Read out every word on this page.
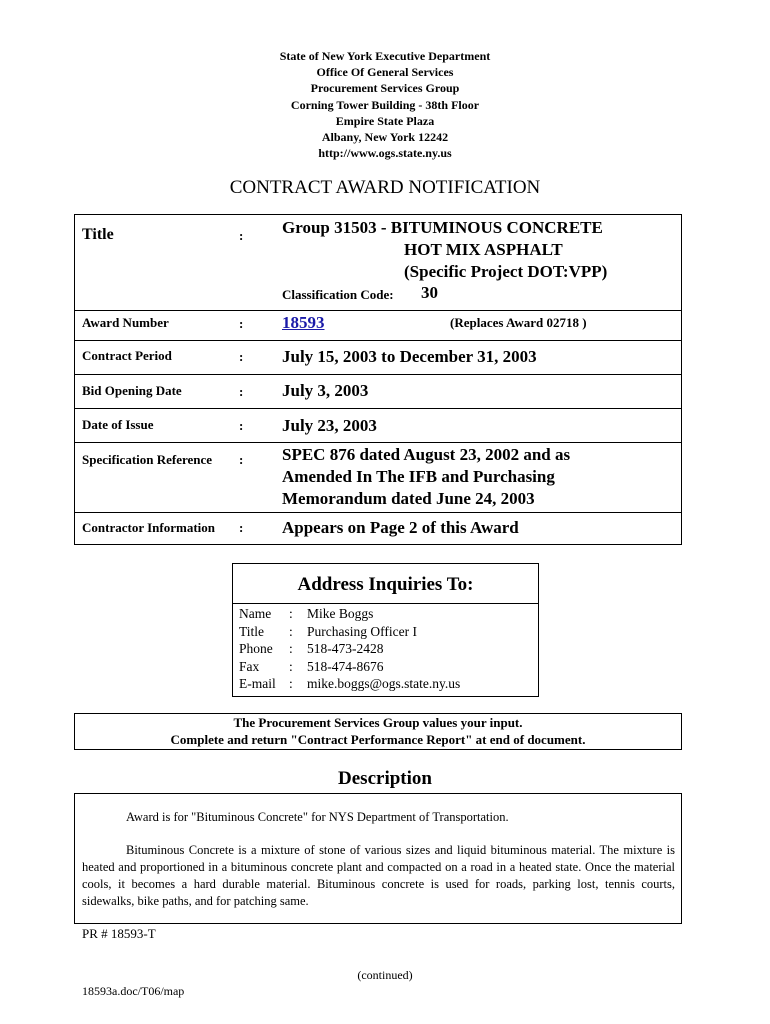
State of New York Executive Department
Office Of General Services
Procurement Services Group
Corning Tower Building - 38th Floor
Empire State Plaza
Albany, New York 12242
http://www.ogs.state.ny.us
CONTRACT AWARD NOTIFICATION
Title	: Group 31503 - BITUMINOUS CONCRETE
HOT MIX ASPHALT
(Specific Project DOT:VPP)
Classification Code: 30
Award Number	: 18593	(Replaces Award 02718 )
Contract Period	: July 15, 2003 to December 31, 2003
Bid Opening Date	: July 3, 2003
Date of Issue	: July 23, 2003
Specification Reference : SPEC 876 dated August 23, 2002 and as
Amended In The IFB and Purchasing
Memorandum dated June 24, 2003
Contractor Information : Appears on Page 2 of this Award
Address Inquiries To:
Name : Mike Boggs
Title : Purchasing Officer I
Phone : 518-473-2428
Fax : 518-474-8676
E-mail : mike.boggs@ogs.state.ny.us
The Procurement Services Group values your input.
Complete and return "Contract Performance Report" at end of document.
Description
Award is for "Bituminous Concrete" for NYS Department of Transportation.
Bituminous Concrete is a mixture of stone of various sizes and liquid bituminous material. The mixture is heated and proportioned in a bituminous concrete plant and compacted on a road in a heated state. Once the material cools, it becomes a hard durable material. Bituminous concrete is used for roads, parking lost, tennis courts, sidewalks, bike paths, and for patching same.
PR # 18593-T
(continued)
18593a.doc/T06/map
